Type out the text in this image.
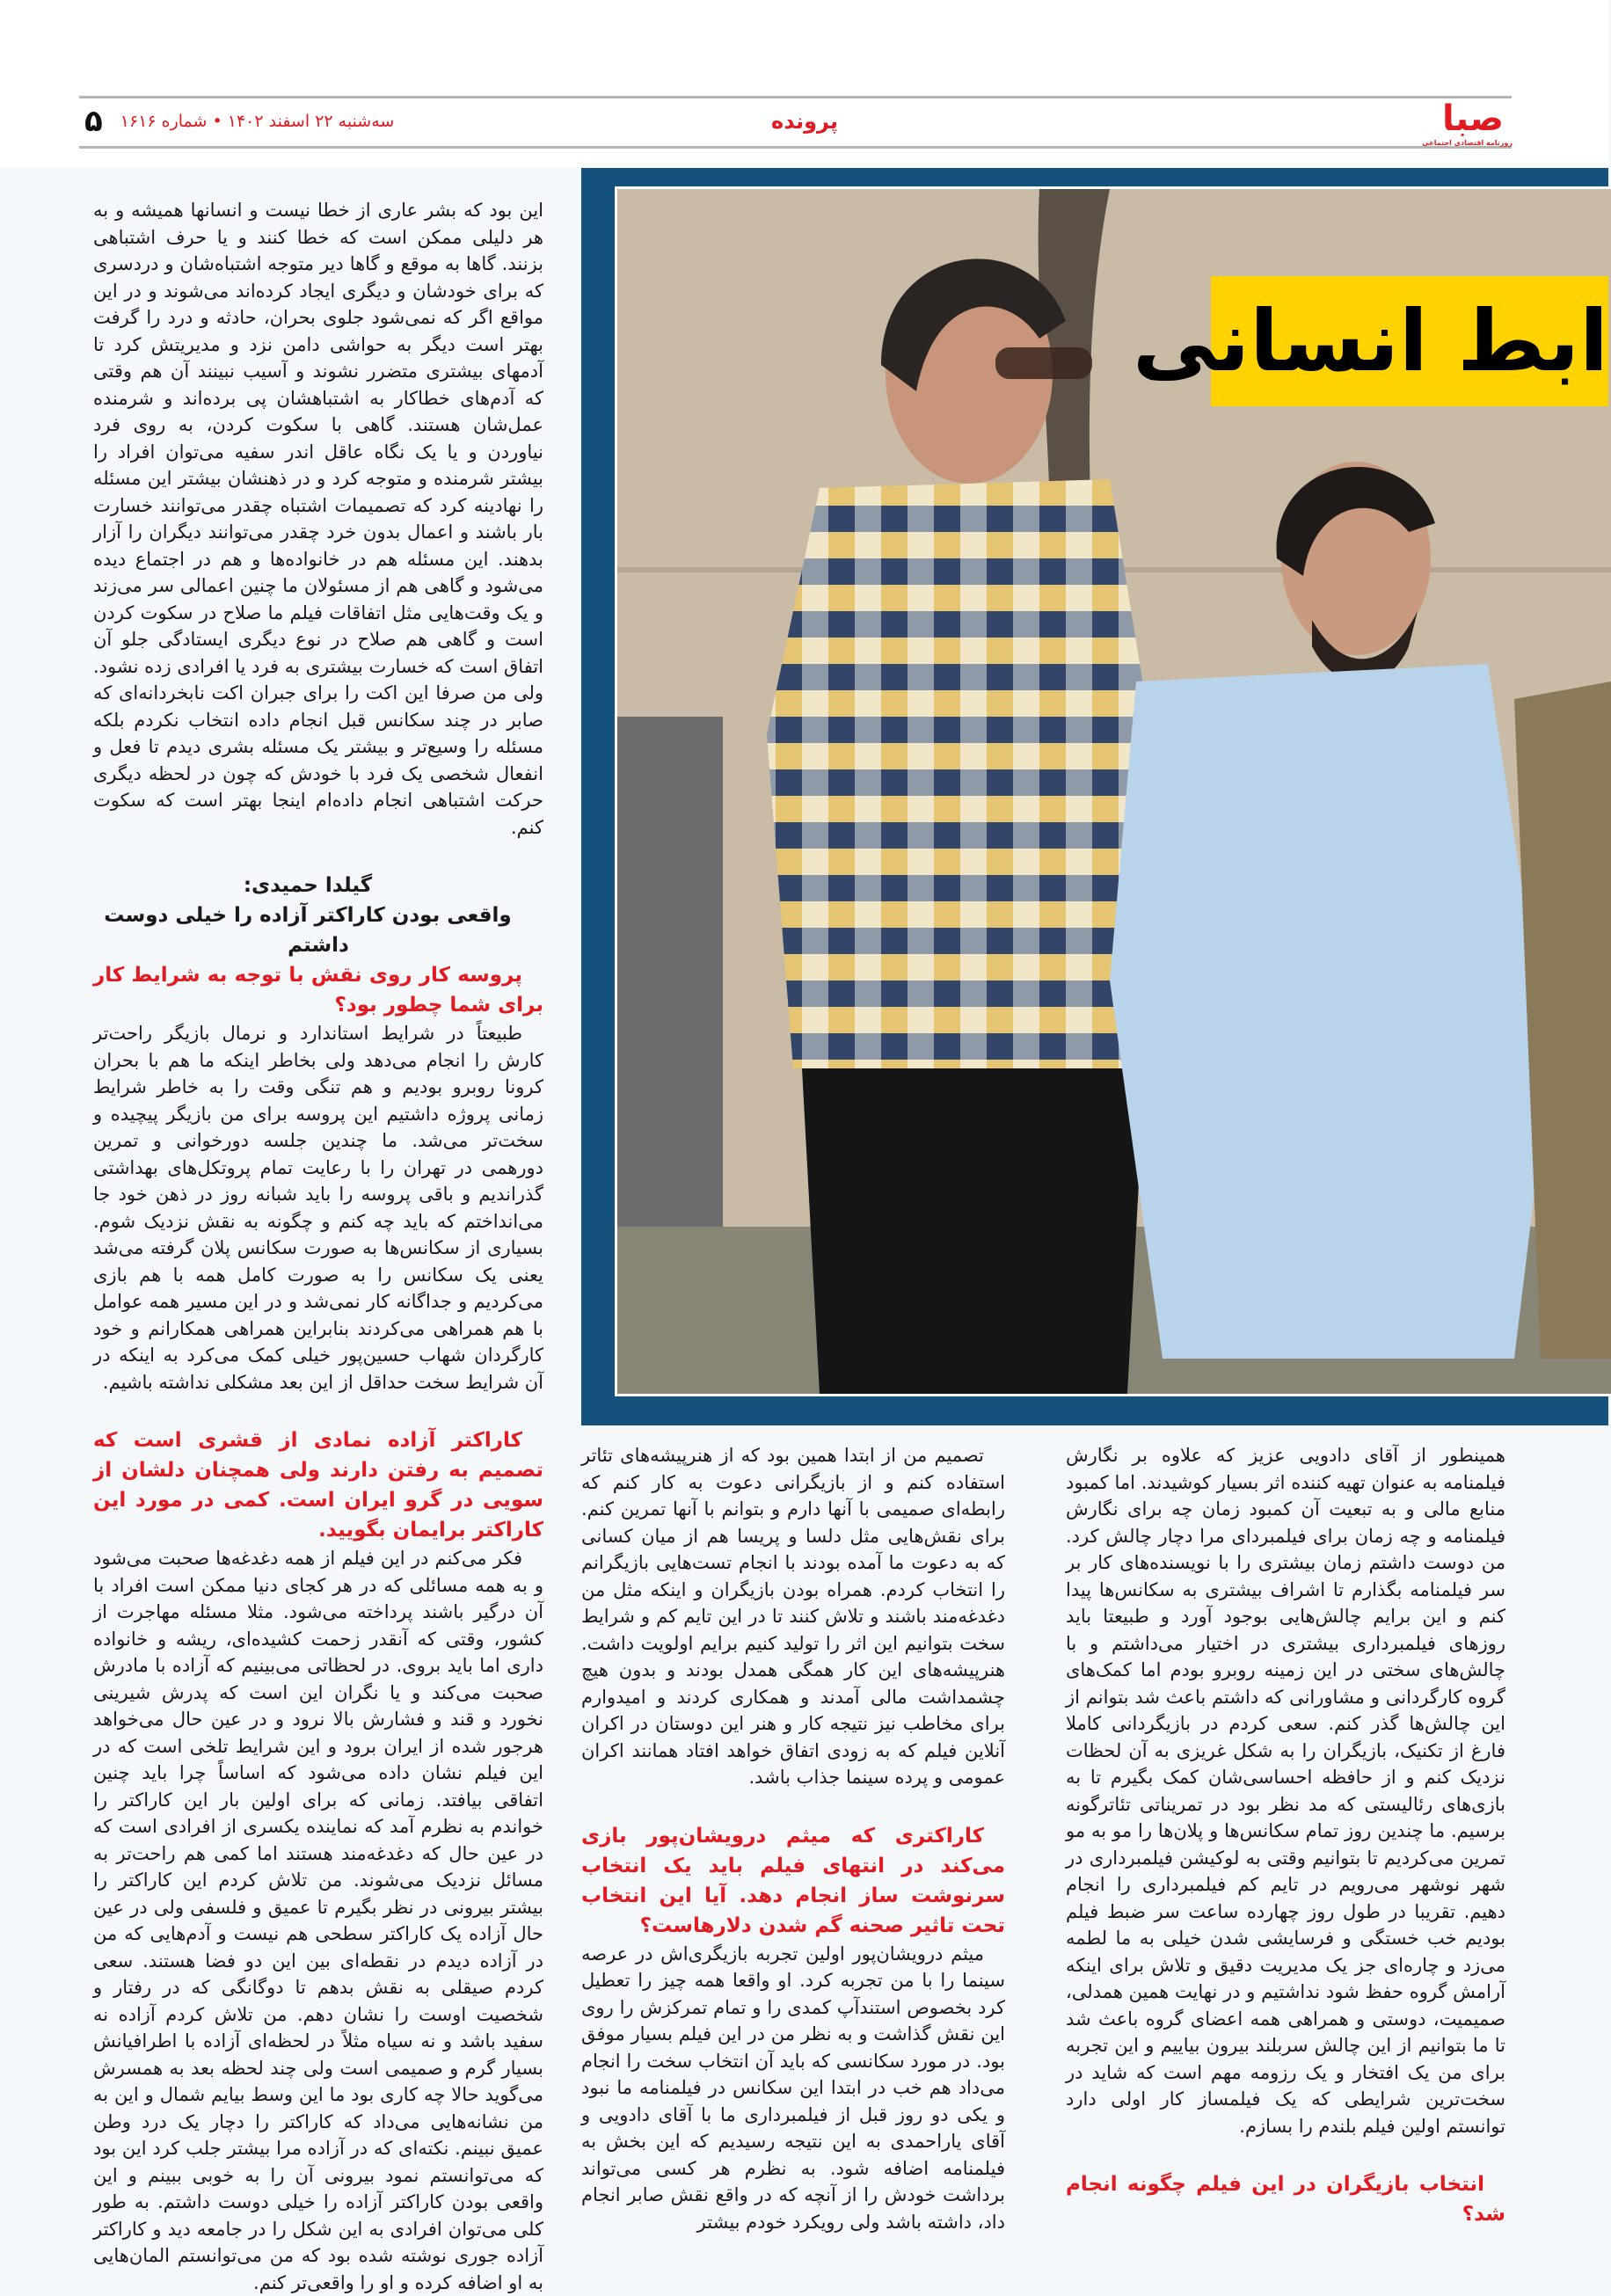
صبا
روزنامه اقتصادی اجتماعی
پرونده
۵ سه‌شنبه ۲۲ اسفند ۱۴۰۲ • شماره ۱۶۱۶
ابط انسانی

این بود که بشر عاری از خطا نیست و انسانها همیشه و به هر دلیلی ممکن است که خطا کنند و یا حرف اشتباهی بزنند. گاها به موقع و گاها دیر متوجه اشتباه‌شان و دردسری که برای خودشان و دیگری ایجاد کرده‌اند می‌شوند و در این مواقع اگر که نمی‌شود جلوی بحران، حادثه و درد را گرفت بهتر است دیگر به حواشی دامن نزد و مدیریتش کرد تا آدمهای بیشتری متضرر نشوند و آسیب نبینند آن هم وقتی که آدم‌های خطاکار به اشتباهشان پی برده‌اند و شرمنده عمل‌شان هستند. گاهی با سکوت کردن، به روی فرد نیاوردن و یا یک نگاه عاقل اندر سفیه می‌توان افراد را بیشتر شرمنده و متوجه کرد و در ذهنشان بیشتر این مسئله را نهادینه کرد که تصمیمات اشتباه چقدر می‌توانند خسارت بار باشند و اعمال بدون خرد چقدر می‌توانند دیگران را آزار بدهند. این مسئله هم در خانواده‌ها و هم در اجتماع دیده می‌شود و گاهی هم از مسئولان ما چنین اعمالی سر می‌زند و یک وقت‌هایی مثل اتفاقات فیلم ما صلاح در سکوت کردن است و گاهی هم صلاح در نوع دیگری ایستادگی جلو آن اتفاق است که خسارت بیشتری به فرد یا افرادی زده نشود. ولی من صرفا این اکت را برای جبران اکت نابخردانه‌ای که صابر در چند سکانس قبل انجام داده انتخاب نکردم بلکه مسئله را وسیع‌تر و بیشتر یک مسئله بشری دیدم تا فعل و انفعال شخصی یک فرد با خودش که چون در لحظه دیگری حرکت اشتباهی انجام داده‌ام اینجا بهتر است که سکوت کنم.

گیلدا حمیدی:

واقعی بودن کاراکتر آزاده را خیلی دوست داشتم

پروسه کار روی نقش با توجه به شرایط کار برای شما چطور بود؟

طبیعتاً در شرایط استاندارد و نرمال بازیگر راحت‌تر کارش را انجام می‌دهد ولی بخاطر اینکه ما هم با بحران کرونا روبرو بودیم و هم تنگی وقت را به خاطر شرایط زمانی پروژه داشتیم این پروسه برای من بازیگر پیچیده و سخت‌تر می‌شد. ما چندین جلسه دورخوانی و تمرین دورهمی در تهران را با رعایت تمام پروتکل‌های بهداشتی گذراندیم و باقی پروسه را باید شبانه روز در ذهن خود جا می‌انداختم که باید چه کنم و چگونه به نقش نزدیک شوم. بسیاری از سکانس‌ها به صورت سکانس پلان گرفته می‌شد یعنی یک سکانس را به صورت کامل همه با هم بازی می‌کردیم و جداگانه کار نمی‌شد و در این مسیر همه عوامل با هم همراهی می‌کردند بنابراین همراهی همکارانم و خود کارگردان شهاب حسین‌پور خیلی کمک می‌کرد به اینکه در آن شرایط سخت حداقل از این بعد مشکلی نداشته باشیم.

کاراکتر آزاده نمادی از قشری است که تصمیم به رفتن دارند ولی همچنان دلشان از سویی در گرو ایران است. کمی در مورد این کاراکتر برایمان بگویید.

فکر می‌کنم در این فیلم از همه دغدغه‌ها صحبت می‌شود و به همه مسائلی که در هر کجای دنیا ممکن است افراد با آن درگیر باشند پرداخته می‌شود. مثلا مسئله مهاجرت از کشور، وقتی که آنقدر زحمت کشیده‌ای، ریشه و خانواده داری اما باید بروی. در لحظاتی می‌بینیم که آزاده با مادرش صحبت می‌کند و یا نگران این است که پدرش شیرینی نخورد و قند و فشارش بالا نرود و در عین حال می‌خواهد هرجور شده از ایران برود و این شرایط تلخی است که در این فیلم نشان داده می‌شود که اساساً چرا باید چنین اتفاقی بیافتد. زمانی که برای اولین بار این کاراکتر را خواندم به نظرم آمد که نماینده یکسری از افرادی است که در عین حال که دغدغه‌مند هستند اما کمی هم راحت‌تر به مسائل نزدیک می‌شوند. من تلاش کردم این کاراکتر را بیشتر بیرونی در نظر بگیرم تا عمیق و فلسفی ولی در عین حال آزاده یک کاراکتر سطحی هم نیست و آدم‌هایی که من در آزاده دیدم در نقطه‌ای بین این دو فضا هستند. سعی کردم صیقلی به نقش بدهم تا دوگانگی که در رفتار و شخصیت اوست را نشان دهم. من تلاش کردم آزاده نه سفید باشد و نه سیاه مثلاً در لحظه‌ای آزاده با اطرافیانش بسیار گرم و صمیمی است ولی چند لحظه بعد به همسرش می‌گوید حالا چه کاری بود ما این وسط بیایم شمال و این به من نشانه‌هایی می‌داد که کاراکتر را دچار یک درد وطن عمیق نبینم. نکته‌ای که در آزاده مرا بیشتر جلب کرد این بود که می‌توانستم نمود بیرونی آن را به خوبی ببینم و این واقعی بودن کاراکتر آزاده را خیلی دوست داشتم. به طور کلی می‌توان افرادی به این شکل را در جامعه دید و کاراکتر آزاده جوری نوشته شده بود که من می‌توانستم المان‌هایی به او اضافه کرده و او را واقعی‌تر کنم.

تصمیم من از ابتدا همین بود که از هنرپیشه‌های تئاتر استفاده کنم و از بازیگرانی دعوت به کار کنم که رابطه‌ای صمیمی با آنها دارم و بتوانم با آنها تمرین کنم. برای نقش‌هایی مثل دلسا و پریسا هم از میان کسانی که به دعوت ما آمده بودند با انجام تست‌هایی بازیگرانم را انتخاب کردم. همراه بودن بازیگران و اینکه مثل من دغدغه‌مند باشند و تلاش کنند تا در این تایم کم و شرایط سخت بتوانیم این اثر را تولید کنیم برایم اولویت داشت. هنرپیشه‌های این کار همگی همدل بودند و بدون هیچ چشمداشت مالی آمدند و همکاری کردند و امیدوارم برای مخاطب نیز نتیجه کار و هنر این دوستان در اکران آنلاین فیلم که به زودی اتفاق خواهد افتاد همانند اکران عمومی و پرده سینما جذاب باشد.

کاراکتری که میثم درویشان‌پور بازی می‌کند در انتهای فیلم باید یک انتخاب سرنوشت ساز انجام دهد. آیا این انتخاب تحت تاثیر صحنه گم شدن دلارهاست؟

میثم درویشان‌پور اولین تجربه بازیگری‌اش در عرصه سینما را با من تجربه کرد. او واقعا همه چیز را تعطیل کرد بخصوص استندآپ کمدی را و تمام تمرکزش را روی این نقش گذاشت و به نظر من در این فیلم بسیار موفق بود. در مورد سکانسی که باید آن انتخاب سخت را انجام می‌داد هم خب در ابتدا این سکانس در فیلمنامه ما نبود و یکی دو روز قبل از فیلمبرداری ما با آقای دادویی و آقای یاراحمدی به این نتیجه رسیدیم که این بخش به فیلمنامه اضافه شود. به نظرم هر کسی می‌تواند برداشت خودش را از آنچه که در واقع نقش صابر انجام داد، داشته باشد ولی رویکرد خودم بیشتر

همینطور از آقای دادویی عزیز که علاوه بر نگارش فیلمنامه به عنوان تهیه کننده اثر بسیار کوشیدند. اما کمبود منابع مالی و به تبعیت آن کمبود زمان چه برای نگارش فیلمنامه و چه زمان برای فیلمبردای مرا دچار چالش کرد. من دوست داشتم زمان بیشتری را با نویسنده‌های کار بر سر فیلمنامه بگذارم تا اشراف بیشتری به سکانس‌ها پیدا کنم و این برایم چالش‌هایی بوجود آورد و طبیعتا باید روزهای فیلمبرداری بیشتری در اختیار می‌داشتم و با چالش‌های سختی در این زمینه روبرو بودم اما کمک‌های گروه کارگردانی و مشاورانی که داشتم باعث شد بتوانم از این چالش‌ها گذر کنم. سعی کردم در بازیگردانی کاملا فارغ از تکنیک، بازیگران را به شکل غریزی به آن لحظات نزدیک کنم و از حافظه احساسی‌شان کمک بگیرم تا به بازی‌های رئالیستی که مد نظر بود در تمریناتی تئاترگونه برسیم. ما چندین روز تمام سکانس‌ها و پلان‌ها را مو به مو تمرین می‌کردیم تا بتوانیم وقتی به لوکیشن فیلمبرداری در شهر نوشهر می‌رویم در تایم کم فیلمبرداری را انجام دهیم. تقریبا در طول روز چهارده ساعت سر ضبط فیلم بودیم خب خستگی و فرسایشی شدن خیلی به ما لطمه می‌زد و چاره‌ای جز یک مدیریت دقیق و تلاش برای اینکه آرامش گروه حفظ شود نداشتیم و در نهایت همین همدلی، صمیمیت، دوستی و همراهی همه اعضای گروه باعث شد تا ما بتوانیم از این چالش سربلند بیرون بیاییم و این تجربه برای من یک افتخار و یک رزومه مهم است که شاید در سخت‌ترین شرایطی که یک فیلمساز کار اولی دارد توانستم اولین فیلم بلندم را بسازم.

انتخاب بازیگران در این فیلم چگونه انجام شد؟
